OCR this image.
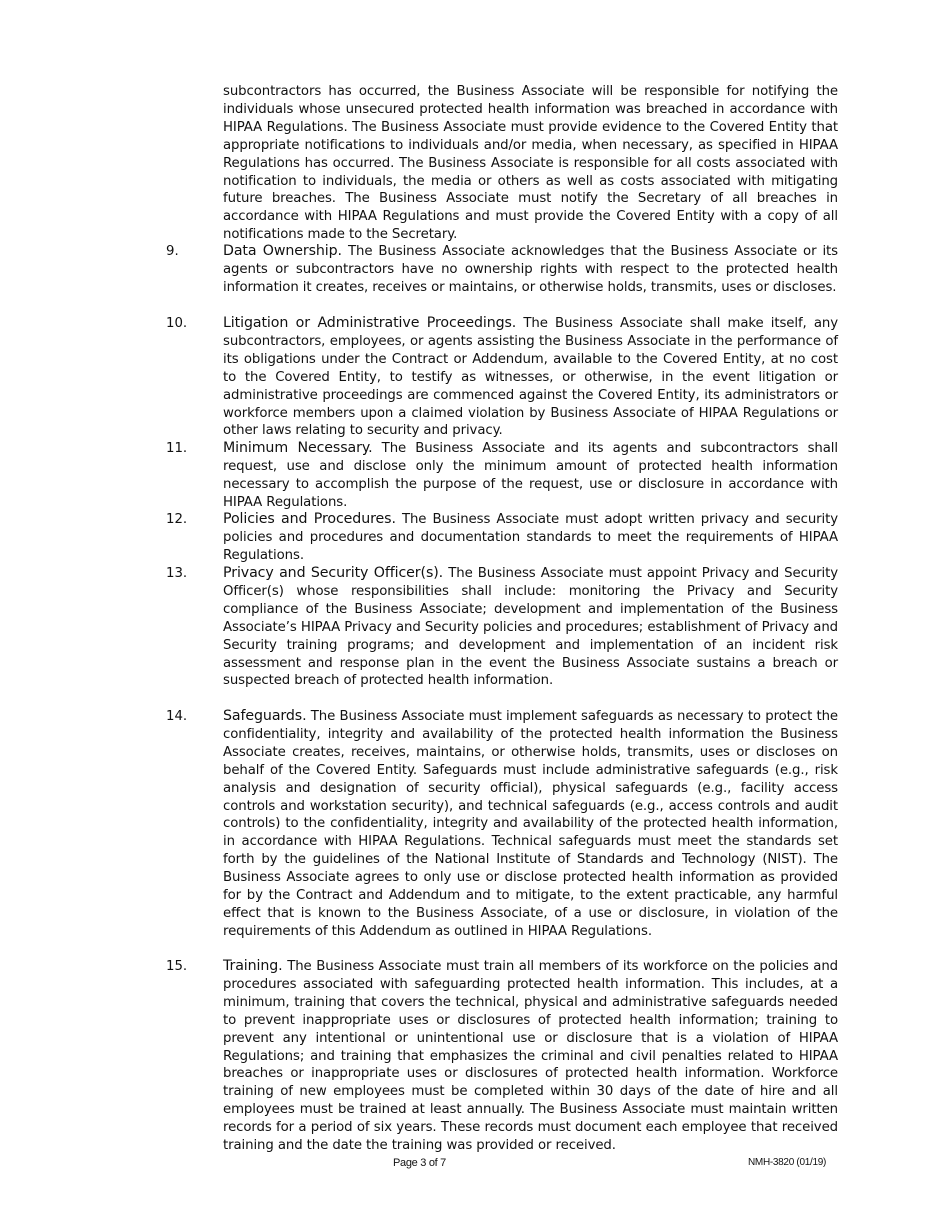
subcontractors has occurred, the Business Associate will be responsible for notifying the individuals whose unsecured protected health information was breached in accordance with HIPAA Regulations. The Business Associate must provide evidence to the Covered Entity that appropriate notifications to individuals and/or media, when necessary, as specified in HIPAA Regulations has occurred. The Business Associate is responsible for all costs associated with notification to individuals, the media or others as well as costs associated with mitigating future breaches. The Business Associate must notify the Secretary of all breaches in accordance with HIPAA Regulations and must provide the Covered Entity with a copy of all notifications made to the Secretary.
9.	Data Ownership. The Business Associate acknowledges that the Business Associate or its agents or subcontractors have no ownership rights with respect to the protected health information it creates, receives or maintains, or otherwise holds, transmits, uses or discloses.
10.	Litigation or Administrative Proceedings. The Business Associate shall make itself, any subcontractors, employees, or agents assisting the Business Associate in the performance of its obligations under the Contract or Addendum, available to the Covered Entity, at no cost to the Covered Entity, to testify as witnesses, or otherwise, in the event litigation or administrative proceedings are commenced against the Covered Entity, its administrators or workforce members upon a claimed violation by Business Associate of HIPAA Regulations or other laws relating to security and privacy.
11.	Minimum Necessary. The Business Associate and its agents and subcontractors shall request, use and disclose only the minimum amount of protected health information necessary to accomplish the purpose of the request, use or disclosure in accordance with HIPAA Regulations.
12.	Policies and Procedures. The Business Associate must adopt written privacy and security policies and procedures and documentation standards to meet the requirements of HIPAA Regulations.
13.	Privacy and Security Officer(s). The Business Associate must appoint Privacy and Security Officer(s) whose responsibilities shall include: monitoring the Privacy and Security compliance of the Business Associate; development and implementation of the Business Associate’s HIPAA Privacy and Security policies and procedures; establishment of Privacy and Security training programs; and development and implementation of an incident risk assessment and response plan in the event the Business Associate sustains a breach or suspected breach of protected health information.
14.	Safeguards. The Business Associate must implement safeguards as necessary to protect the confidentiality, integrity and availability of the protected health information the Business Associate creates, receives, maintains, or otherwise holds, transmits, uses or discloses on behalf of the Covered Entity. Safeguards must include administrative safeguards (e.g., risk analysis and designation of security official), physical safeguards (e.g., facility access controls and workstation security), and technical safeguards (e.g., access controls and audit controls) to the confidentiality, integrity and availability of the protected health information, in accordance with HIPAA Regulations. Technical safeguards must meet the standards set forth by the guidelines of the National Institute of Standards and Technology (NIST). The Business Associate agrees to only use or disclose protected health information as provided for by the Contract and Addendum and to mitigate, to the extent practicable, any harmful effect that is known to the Business Associate, of a use or disclosure, in violation of the requirements of this Addendum as outlined in HIPAA Regulations.
15.	Training. The Business Associate must train all members of its workforce on the policies and procedures associated with safeguarding protected health information. This includes, at a minimum, training that covers the technical, physical and administrative safeguards needed to prevent inappropriate uses or disclosures of protected health information; training to prevent any intentional or unintentional use or disclosure that is a violation of HIPAA Regulations; and training that emphasizes the criminal and civil penalties related to HIPAA breaches or inappropriate uses or disclosures of protected health information. Workforce training of new employees must be completed within 30 days of the date of hire and all employees must be trained at least annually. The Business Associate must maintain written records for a period of six years. These records must document each employee that received training and the date the training was provided or received.
Page 3 of 7	NMH-3820 (01/19)
